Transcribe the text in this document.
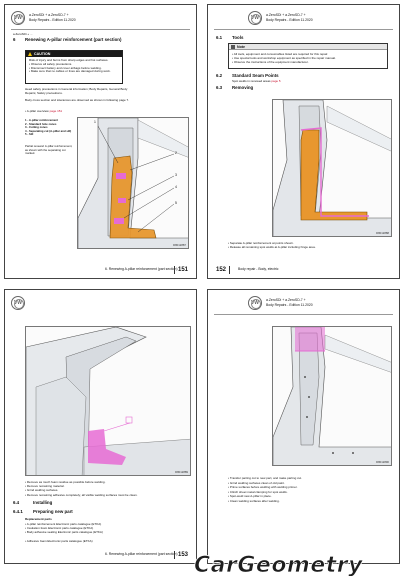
VW	a.ZeroSDi + a.ZeroSD-7 +
Body Repairs - Edition 11.2020
a.ZeroSDi + ...
6 Renewing A-pillar reinforcement (part section)
CAUTION
Risk of injury and burns from sharp edges and hot surfaces.
• Observe all safety precautions.
• Disconnect battery and cover airbags before welding.
• Make sure that no cables or lines are damaged during work.
Heed safety precautions in General information; Body Repairs, General Body Repairs; Safety precautions.
Body cross section and tolerances are observed as shown in following page 7.
• A-pillar overview page 151
1 - A-pillar reinforcement
2 - Standard hole zones
3 - Cutting zones
4 - Separating cut (A-pillar and sill)
5 - Sill
Partial renewal: A-pillar reinforcement, as shown with the separating cut marked.
1
2
3
4
5
D8012887
6. Renewing A-pillar reinforcement (part section) 151
a.ZeroSDi + a.ZeroSD-7 +
Body Repairs - Edition 11.2020
VW
6.1 Tools
Note
• All tools, equipment and consumables listed are required for this repair.
• Use special tools and workshop equipment as specified in the repair manual.
• Observe the instructions of the equipment manufacturer.
6.2 Standard Seam Points
Spot welds in renewed areas page 5
6.3 Removing
D8012888
• Separate A-pillar reinforcement at points shown.
• Release all remaining spot welds at A-pillar including hinge area.
152	Body repair - Body, electric
VW
D8012889
• Remove as much foam residue as possible before welding.
• Remove remaining material.
• Grind welding surfaces.
• Remove remaining adhesive completely; all visible welding surfaces must be clean.
6.4	Installing
6.4.1 Preparing new part
Replacement parts
• A-pillar reinforcement Electronic parts catalogue (ETKA)
• Insulation foam Electronic parts catalogue (ETKA)
• Body adhesive sealing Electronic parts catalogue (ETKA)
• Adhesive foam Electronic parts catalogue (ETKA)
6. Renewing A-pillar reinforcement (part section) 153
a.ZeroSDi + a.ZeroSD-7 +
Body Repairs - Edition 11.2020
VW
D8012890
• Transfer parting cut to new part, and make parting cut.
• Grind welding surfaces clean of old paint.
• Prime surfaces before welding with welding primer.
• Clinch sheet metal clamping for spot welds.
• Spot-weld new A-pillar in place.
• Clean welding surfaces after welding.
CarGeometry
